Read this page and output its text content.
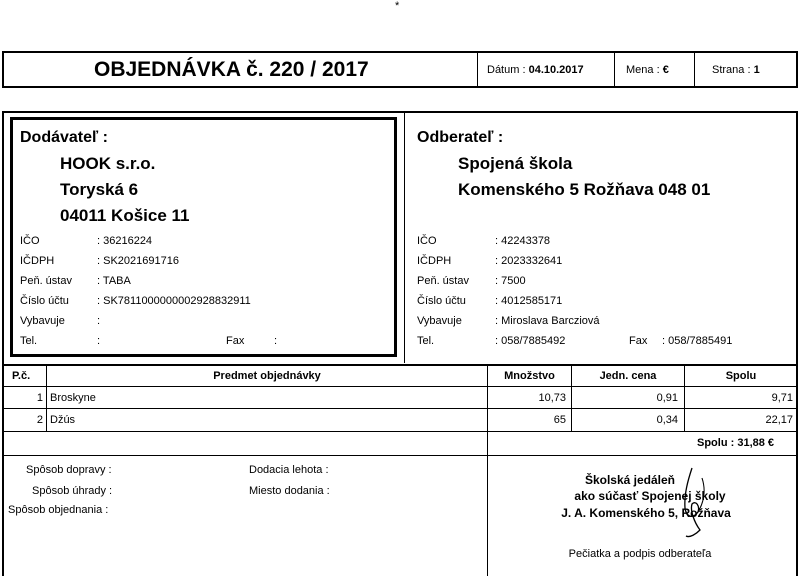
*
OBJEDNÁVKA č. 220 / 2017	Dátum : 04.10.2017	Mena : €	Strana : 1
Dodávateľ :
HOOK s.r.o.
Toryská 6
04011 Košice 11
IČO	: 36216224
IČDPH	: SK2021691716
Peň. ústav : TABA
Číslo účtu	: SK7811000000002928832911
Vybavuje	:
Tel.	:	Fax	:
Odberateľ :
Spojená škola
Komenského 5 Rožňava 048 01
IČO	: 42243378
IČDPH	: 2023332641
Peň. ústav : 7500
Číslo účtu	: 4012585171
Vybavuje	: Miroslava Barcziová
Tel.	: 058/7885492	Fax : 058/7885491
P.č.	Predmet objednávky	Množstvo	Jedn. cena	Spolu
1 Broskyne	10,73	0,91	9,71
2 Džús	65	0,34	22,17
Spolu : 31,88 €
Spôsob dopravy :
Spôsob úhrady :
Spôsob objednania :
Dodacia lehota :
Miesto dodania :
Školská jedáleň
ako súčasť Spojenej školy
J. A. Komenského 5, Rožňava
Pečiatka a podpis odberateľa
